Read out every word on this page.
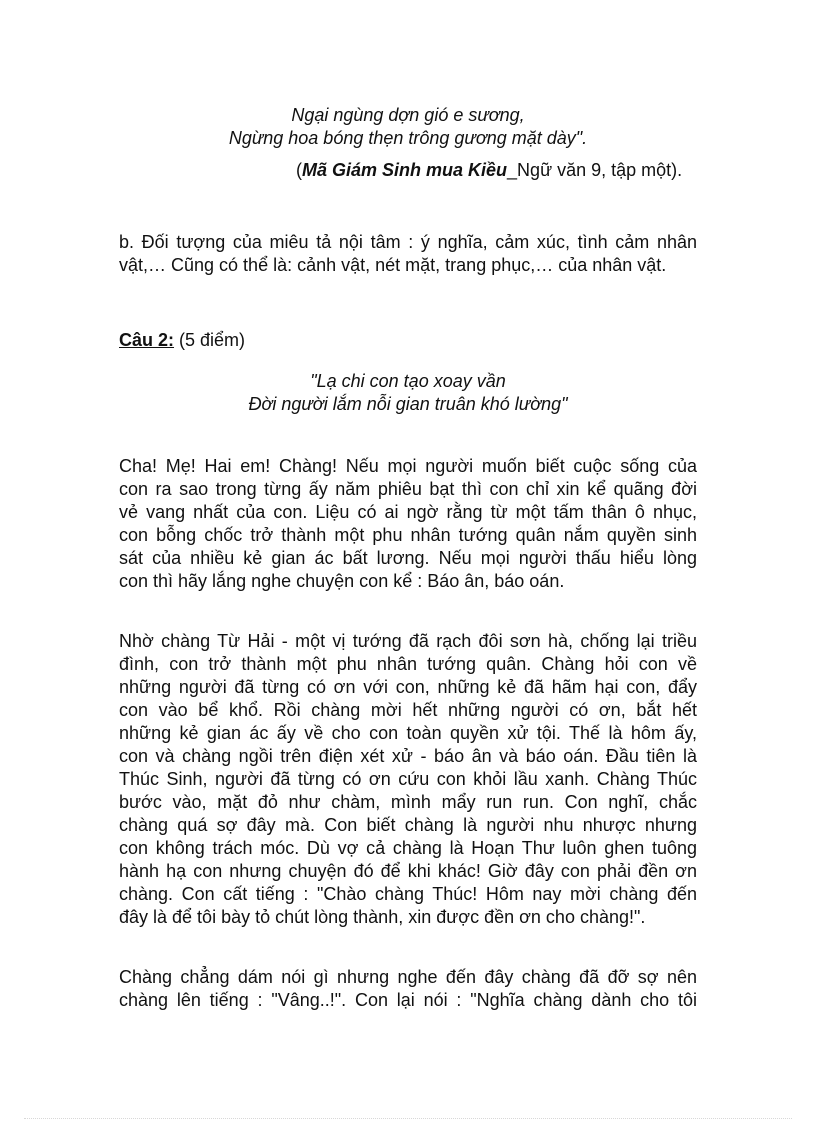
Ngại ngùng dợn gió e sương,
Ngừng hoa bóng thẹn trông gương mặt dày".
(Mã Giám Sinh mua Kiều_Ngữ văn 9, tập một).
b. Đối tượng của miêu tả nội tâm : ý nghĩa, cảm xúc, tình cảm nhân
vật,… Cũng có thể là: cảnh vật, nét mặt, trang phục,… của nhân vật.
Câu 2: (5 điểm)
"Lạ chi con tạo xoay vần
Đời người lắm nỗi gian truân khó lường"
Cha! Mẹ! Hai em! Chàng! Nếu mọi người muốn biết cuộc sống của
con ra sao trong từng ấy năm phiêu bạt thì con chỉ xin kể quãng đời
vẻ vang nhất của con. Liệu có ai ngờ rằng từ một tấm thân ô nhục,
con bỗng chốc trở thành một phu nhân tướng quân nắm quyền sinh
sát của nhiều kẻ gian ác bất lương. Nếu mọi người thấu hiểu lòng
con thì hãy lắng nghe chuyện con kể : Báo ân, báo oán.
Nhờ chàng Từ Hải - một vị tướng đã rạch đôi sơn hà, chống lại triều
đình, con trở thành một phu nhân tướng quân. Chàng hỏi con về
những người đã từng có ơn với con, những kẻ đã hãm hại con, đẩy
con vào bể khổ. Rồi chàng mời hết những người có ơn, bắt hết
những kẻ gian ác ấy về cho con toàn quyền xử tội. Thế là hôm ấy,
con và chàng ngồi trên điện xét xử - báo ân và báo oán. Đầu tiên là
Thúc Sinh, người đã từng có ơn cứu con khỏi lầu xanh. Chàng Thúc
bước vào, mặt đỏ như chàm, mình mẩy run run. Con nghĩ, chắc
chàng quá sợ đây mà. Con biết chàng là người nhu nhược nhưng
con không trách móc. Dù vợ cả chàng là Hoạn Thư luôn ghen tuông
hành hạ con nhưng chuyện đó để khi khác! Giờ đây con phải đền ơn
chàng. Con cất tiếng : "Chào chàng Thúc! Hôm nay mời chàng đến
đây là để tôi bày tỏ chút lòng thành, xin được đền ơn cho chàng!".
Chàng chẳng dám nói gì nhưng nghe đến đây chàng đã đỡ sợ nên
chàng lên tiếng : "Vâng..!". Con lại nói : "Nghĩa chàng dành cho tôi
